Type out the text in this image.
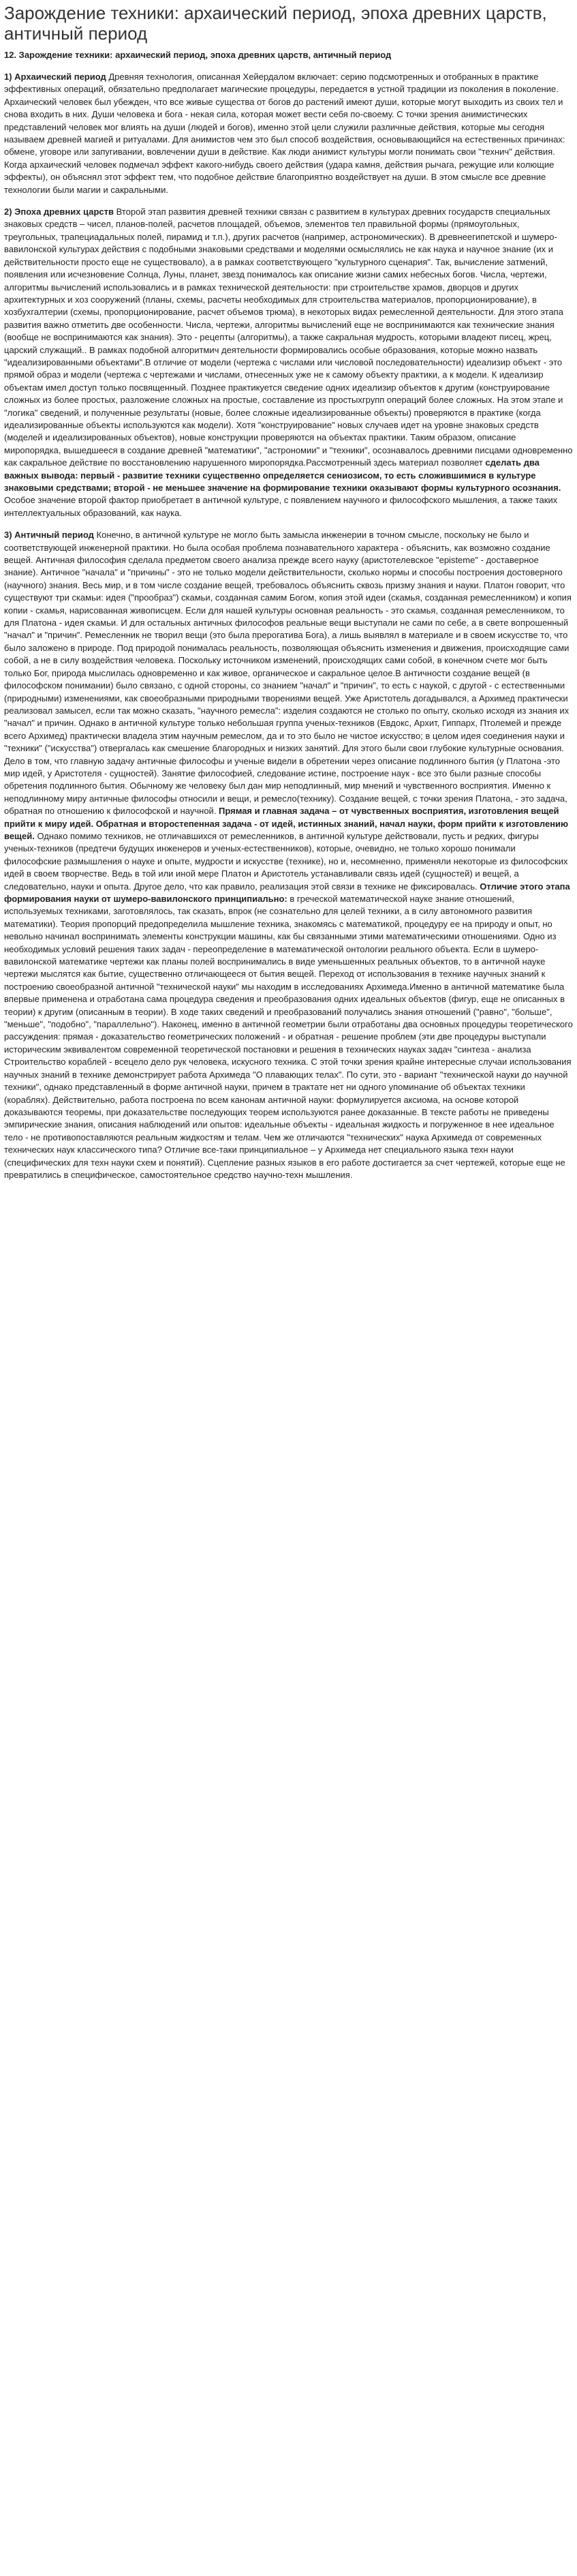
Зарождение техники: архаический период, эпоха древних царств, античный период
12. Зарождение техники: архаический период, эпоха древних царств, античный период

1) Архаический период Древняя технология, описанная Хейердалом включает: серию подсмотренных и отобранных в практике эффективных операций, обязательно предполагает магические процедуры, передается в устной традиции из поколения в поколение. Архаический человек был убежден, что все живые существа от богов до растений имеют души, которые могут выходить из своих тел и снова входить в них. Души человека и бога - некая сила, которая может вести себя по-своему. С точки зрения анимистических представлений человек мог влиять на души (людей и богов), именно этой цели служили различные действия, которые мы сегодня называем древней магией и ритуалами. Для анимистов чем это был способ воздействия, основывающийся на естественных причинах: обмене, уговоре или запугивании, вовлечении души в действие. Как люди анимист культуры могли понимать свои "технич" действия. Когда архаический человек подмечал эффект какого-нибудь своего действия (удара камня, действия рычага, режущие или колющие эффекты), он объяснял этот эффект тем, что подобное действие благоприятно воздействует на души. В этом смысле все древние технологии были магии и сакральными.

2) Эпоха древних царств Второй этап развития древней техники связан с развитием в культурах древних государств специальных знаковых средств – чисел, планов-полей, расчетов площадей, объемов, элементов тел правильной формы (прямоугольных, треугольных, трапециадальных полей, пирамид и т.п.), других расчетов (например, астрономических). В древнеегипетской и шумеро-вавилонской культурах действия с подобными знаковыми средствами и моделями осмыслялись не как наука и научное знание (их и действительности просто еще не существовало), а в рамках соответствующего "культурного сценария". Так, вычисление затмений, появления или исчезновение Солнца, Луны, планет, звезд понималось как описание жизни самих небесных богов. Числа, чертежи, алгоритмы вычислений использовались и в рамках технической деятельности: при строительстве храмов, дворцов и других архитектурных и хоз сооружений (планы, схемы, расчеты необходимых для строительства материалов, пропорционирование), в хозбухгалтерии (схемы, пропорционирование, расчет объемов трюма), в некоторых видах ремесленной деятельности. Для этого этапа развития важно отметить две особенности. Числа, чертежи, алгоритмы вычислений еще не воспринимаются как технические знания (вообще не воспринимаются как знания). Это - рецепты (алгоритмы), а также сакральная мудрость, которыми владеют писец, жрец, царский служащий.. В рамках подобной алгоритмич деятельности формировались особые образования, которые можно назвать "идеализированными объектами".В отличие от модели (чертежа с числами или числовой последовательности) идеализир объект - это прямой образ и модели (чертежа с чертежами и числами, отнесенных уже не к самому объекту практики, а к модели. К идеализир объектам имел доступ только посвященный. Позднее практикуется сведение одних идеализир объектов к другим (конструирование сложных из более простых, разложение сложных на простые, составление из простыхгрупп операций более сложных. На этом этапе и "логика" сведений, и полученные результаты (новые, более сложные идеализированные объекты) проверяются в практике (когда идеализированные объекты используются как модели). Хотя "конструирование" новых случаев идет на уровне знаковых средств (моделей и идеализированных объектов), новые конструкции проверяются на объектах практики. Таким образом, описание миропорядка, вышедшееся в создание древней "математики", "астрономии" и "техники", осознавалось древними писцами одновременно как сакральное действие по восстановлению нарушенного миропорядка.Рассмотренный здесь материал позволяет сделать два важных вывода: первый - развитие техники существенно определяется сениозисом, то есть сложившимися в культуре знаковыми средствами; второй - не меньшее значение на формирование техники оказывают формы культурного осознания. Особое значение второй фактор приобретает в античной культуре, с появлением научного и философского мышления, а также таких интеллектуальных образований, как наука.

3) Античный период Конечно, в античной культуре не могло быть замысла инженерии в точном смысле, поскольку не было и соответствующей инженерной практики. Но была особая проблема познавательного характера - объяснить, как возможно создание вещей. Античная философия сделала предметом своего анализа прежде всего науку (аристотелевское "episteme" - доставерное знание). Античное "начала" и "причины" - это не только модели действительности, сколько нормы и способы построения достоверного (научного) знания. Весь мир, и в том числе создание вещей, требовалось объяснить сквозь призму знания и науки. Платон говорит, что существуют три скамьи: идея ("прообраз") скамьи, созданная самим Богом, копия этой идеи (скамья, созданная ремесленником) и копия копии - скамья, нарисованная живописцем. Если для нашей культуры основная реальность - это скамья, созданная ремесленником, то для Платона - идея скамьи. И для остальных античных философов реальные вещи выступали не сами по себе, а в свете вопрошенный "начал" и "причин". Ремесленник не творил вещи (это была прерогатива Бога), а лишь выявлял в материале и в своем искусстве то, что было заложено в природе. Под природой понималась реальность, позволяющая объяснить изменения и движения, происходящие сами собой, а не в силу воздействия человека. Поскольку источником изменений, происходящих сами собой, в конечном счете мог быть только Бог, природа мыслилась одновременно и как живое, органическое и сакральное целое.В античности создание вещей (в философском понимании) было связано, с одной стороны, со знанием "начал" и "причин", то есть с наукой, с другой - с естественными (природными) изменениями, как своеобразными природными творениями вещей. Уже Аристотель догадывался, а Архимед практически реализовал замысел, если так можно сказать, "научного ремесла": изделия создаются не столько по опыту, сколько исходя из знания их "начал" и причин. Однако в античной культуре только небольшая группа ученых-техников (Евдокс, Архит, Гиппарх, Птолемей и прежде всего Архимед) практически владела этим научным ремеслом, да и то это было не чистое искусство; в целом идея соединения науки и "техники" ("искусства") отвергалась как смешение благородных и низких занятий. Для этого были свои глубокие культурные основания. Дело в том, что главную задачу античные философы и ученые видели в обретении через описание подлинного бытия (у Платона -это мир идей, у Аристотеля - сущностей). Занятие философией, следование истине, построение наук - все это были разные способы обретения подлинного бытия. Обычному же человеку был дан мир неподлинный, мир мнений и чувственного восприятия. Именно к неподлинному миру античные философы относили и вещи, и ремесло(технику). Создание вещей, с точки зрения Платона, - это задача, обратная по отношению к философской и научной. Прямая и главная задача – от чувственных восприятия, изготовления вещей прийти к миру идей. Обратная и второстепенная задача - от идей, истинных знаний, начал науки, форм прийти к изготовлению вещей. Однако помимо техников, не отличавшихся от ремесленников, в античной культуре действовали, пусть и редких, фигуры ученых-техников (предтечи будущих инженеров и ученых-естественников), которые, очевидно, не только хорошо понимали философские размышления о науке и опыте, мудрости и искусстве (технике), но и, несомненно, применяли некоторые из философских идей в своем творчестве. Ведь в той или иной мере Платон и Аристотель устанавливали связь идей (сущностей) и вещей, а следовательно, науки и опыта. Другое дело, что как правило, реализация этой связи в технике не фиксировалась. Отличие этого этапа формирования науки от шумеро-вавилонского принципиально: в греческой математической науке знание отношений, используемых техниками, заготовлялось, так сказать, впрок (не сознательно для целей техники, а в силу автономного развития математики). Теория пропорций предопределила мышление техника, знакомясь с математикой, процедуру ее на природу и опыт, но невольно начинал воспринимать элементы конструкции машины, как бы связанными этими математическими отношениями. Одно из необходимых условий решения таких задач - переопределение в математической онтологии реального объекта. Если в шумеро-вавилонской математике чертежи как планы полей воспринимались в виде уменьшенных реальных объектов, то в античной науке чертежи мыслятся как бытие, существенно отличающееся от бытия вещей. Переход от использования в технике научных знаний к построению своеобразной античной "технической науки" мы находим в исследованиях Архимеда.Именно в античной математике была впервые применена и отработана сама процедура сведения и преобразования одних идеальных объектов (фигур, еще не описанных в теории) к другим (описанным в теории). В ходе таких сведений и преобразований получались знания отношений ("равно", "больше", "меньше", "подобно", "параллельно"). Наконец, именно в античной геометрии были отработаны два основных процедуры теоретического рассуждения: прямая - доказательство геометрических положений - и обратная - решение проблем (эти две процедуры выступали историческим эквивалентом современной теоретической постановки и решения в технических науках задач "синтеза - анализа Строительство кораблей - всецело дело рук человека, искусного техника. С этой точки зрения крайне интересные случаи использования научных знаний в технике демонстрирует работа Архимеда "О плавающих телах". По сути, это - вариант "технической науки до научной техники", однако представленный в форме античной науки, причем в трактате нет ни одного упоминание об объектах техники (кораблях). Действительно, работа построена по всем канонам античной науки: формулируется аксиома, на основе которой доказываются теоремы, при доказательстве последующих теорем используются ранее доказанные. В тексте работы не приведены эмпирические знания, описания наблюдений или опытов: идеальные объекты - идеальная жидкость и погруженное в нее идеальное тело - не противопоставляются реальным жидкостям и телам. Чем же отличаются "технических" наука Архимеда от современных технических наук классического типа? Отличие все-таки принципиальное – у Архимеда нет специального языка техн науки (специфических для техн науки схем и понятий). Сцепление разных языков в его работе достигается за счет чертежей, которые еще не превратились в специфическое, самостоятельное средство научно-техн мышления.
